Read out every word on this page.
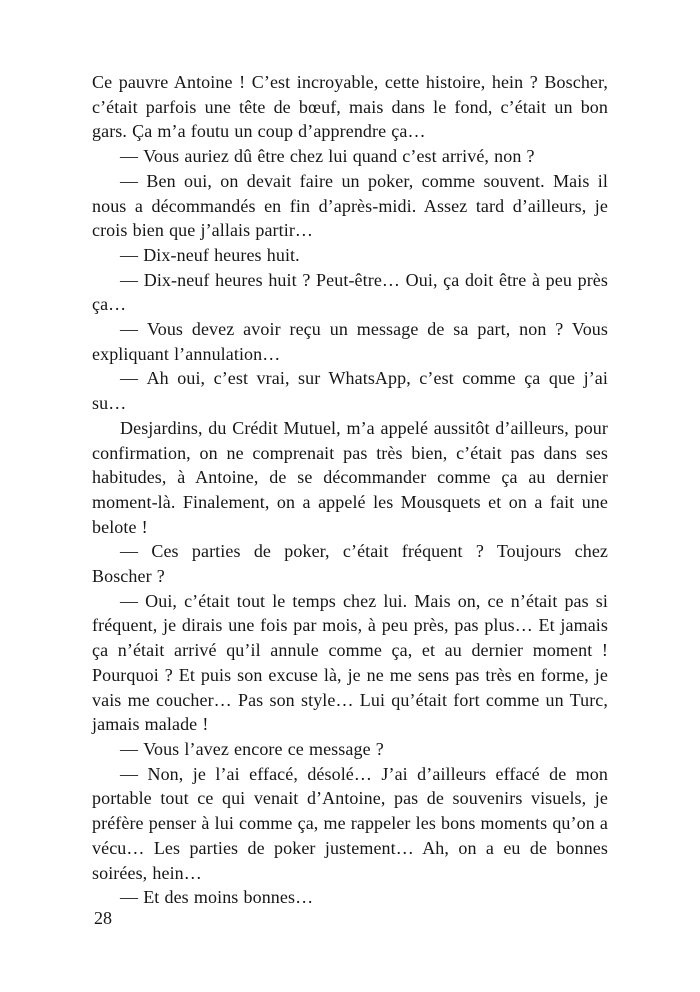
Ce pauvre Antoine ! C’est incroyable, cette histoire, hein ? Boscher, c’était parfois une tête de bœuf, mais dans le fond, c’était un bon gars. Ça m’a foutu un coup d’apprendre ça…

— Vous auriez dû être chez lui quand c’est arrivé, non ?

— Ben oui, on devait faire un poker, comme souvent. Mais il nous a décommandés en fin d’après-midi. Assez tard d’ailleurs, je crois bien que j’allais partir…

— Dix-neuf heures huit.

— Dix-neuf heures huit ? Peut-être… Oui, ça doit être à peu près ça…

— Vous devez avoir reçu un message de sa part, non ? Vous expliquant l’annulation…

— Ah oui, c’est vrai, sur WhatsApp, c’est comme ça que j’ai su…

Desjardins, du Crédit Mutuel, m’a appelé aussitôt d’ailleurs, pour confirmation, on ne comprenait pas très bien, c’était pas dans ses habitudes, à Antoine, de se décommander comme ça au dernier moment-là. Finalement, on a appelé les Mousquets et on a fait une belote !

— Ces parties de poker, c’était fréquent ? Toujours chez Boscher ?

— Oui, c’était tout le temps chez lui. Mais on, ce n’était pas si fréquent, je dirais une fois par mois, à peu près, pas plus… Et jamais ça n’était arrivé qu’il annule comme ça, et au dernier moment ! Pourquoi ? Et puis son excuse là, je ne me sens pas très en forme, je vais me coucher… Pas son style… Lui qu’était fort comme un Turc, jamais malade !

— Vous l’avez encore ce message ?

— Non, je l’ai effacé, désolé… J’ai d’ailleurs effacé de mon portable tout ce qui venait d’Antoine, pas de souvenirs visuels, je préfère penser à lui comme ça, me rappeler les bons moments qu’on a vécu… Les parties de poker justement… Ah, on a eu de bonnes soirées, hein…

— Et des moins bonnes…

28
